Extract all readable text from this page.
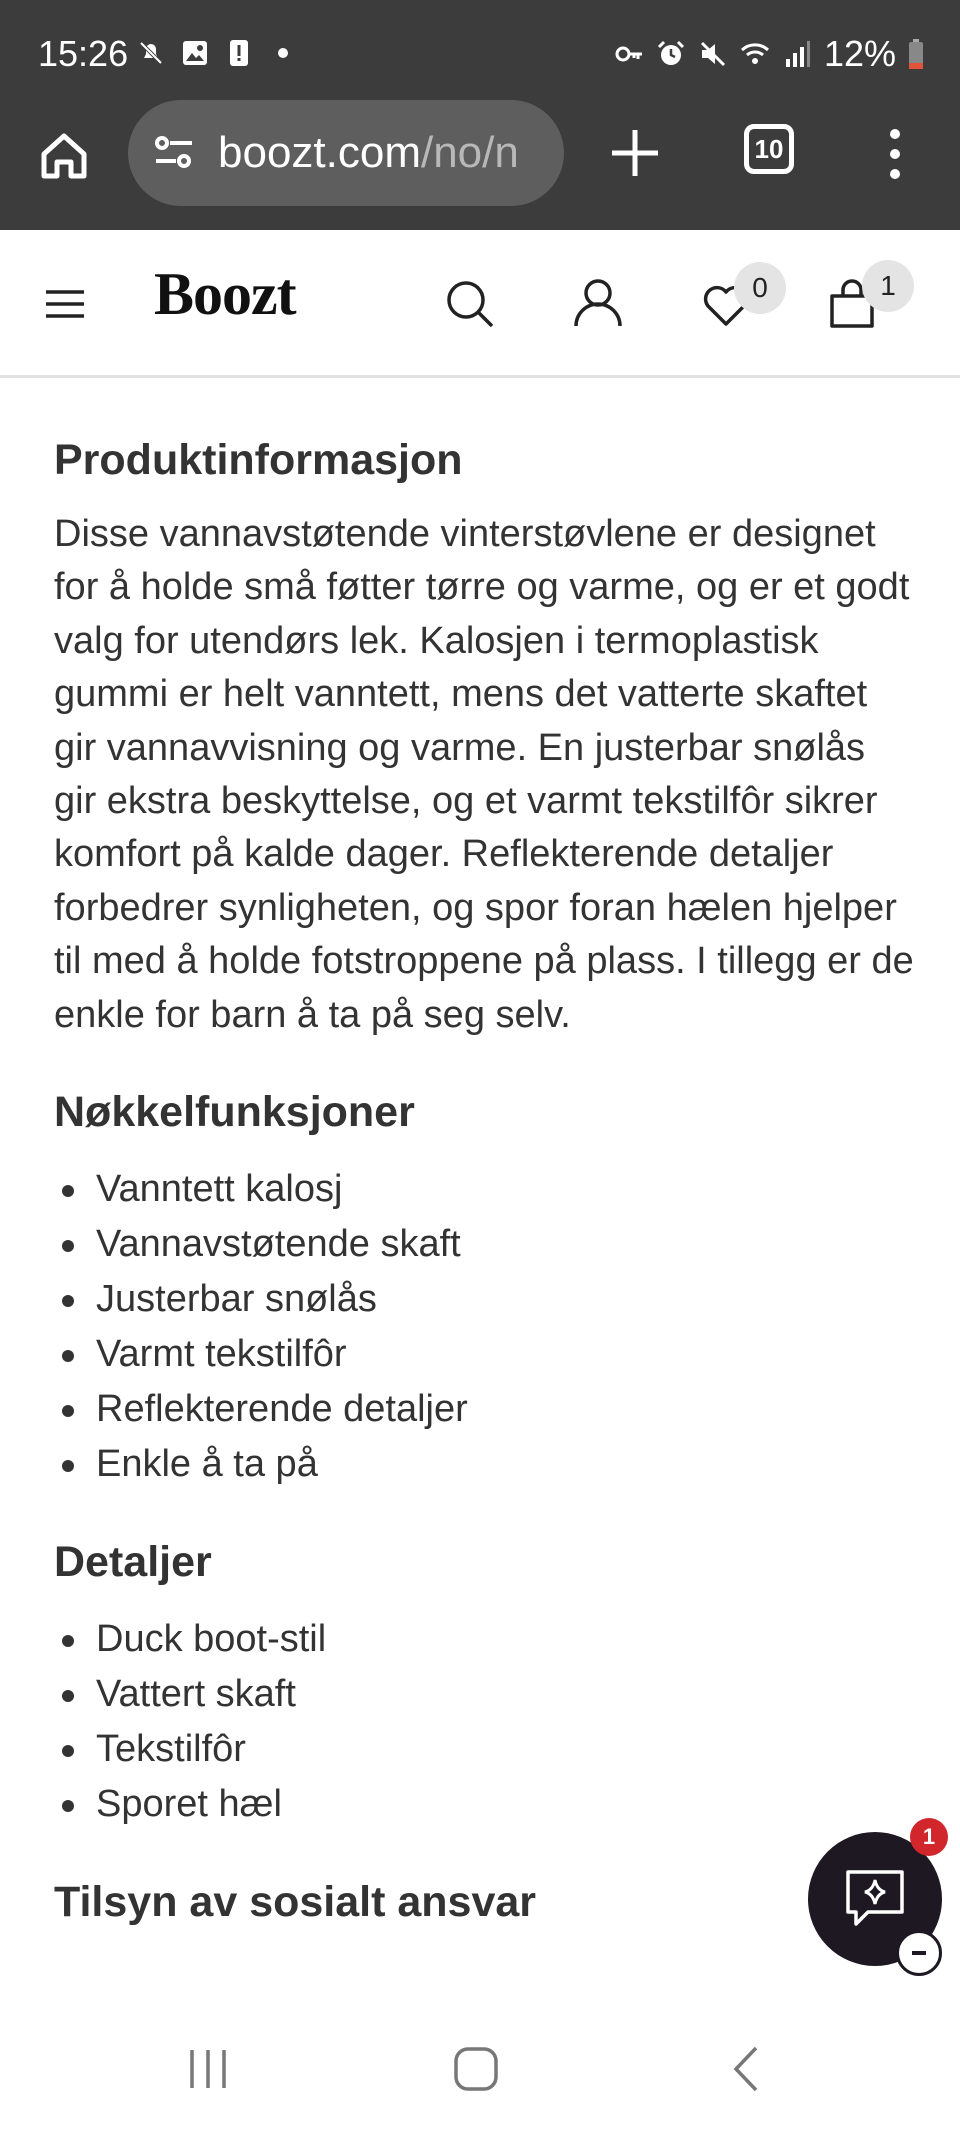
15:26	12%
boozt.com/no/n	10
Boozt	0	1
Produktinformasjon

Disse vannavstøtende vinterstøvlene er designet for å holde små føtter tørre og varme, og er et godt valg for utendørs lek. Kalosjen i termoplastisk gummi er helt vanntett, mens det vatterte skaftet gir vannavvisning og varme. En justerbar snølås gir ekstra beskyttelse, og et varmt tekstilfôr sikrer komfort på kalde dager. Reflekterende detaljer forbedrer synligheten, og spor foran hælen hjelper til med å holde fotstroppene på plass. I tillegg er de enkle for barn å ta på seg selv.

Nøkkelfunksjoner
Vanntett kalosj
Vannavstøtende skaft
Justerbar snølås
Varmt tekstilfôr
Reflekterende detaljer
Enkle å ta på
Detaljer
Duck boot-stil
Vattert skaft
Tekstilfôr
Sporet hæl
Tilsyn av sosialt ansvar
1
